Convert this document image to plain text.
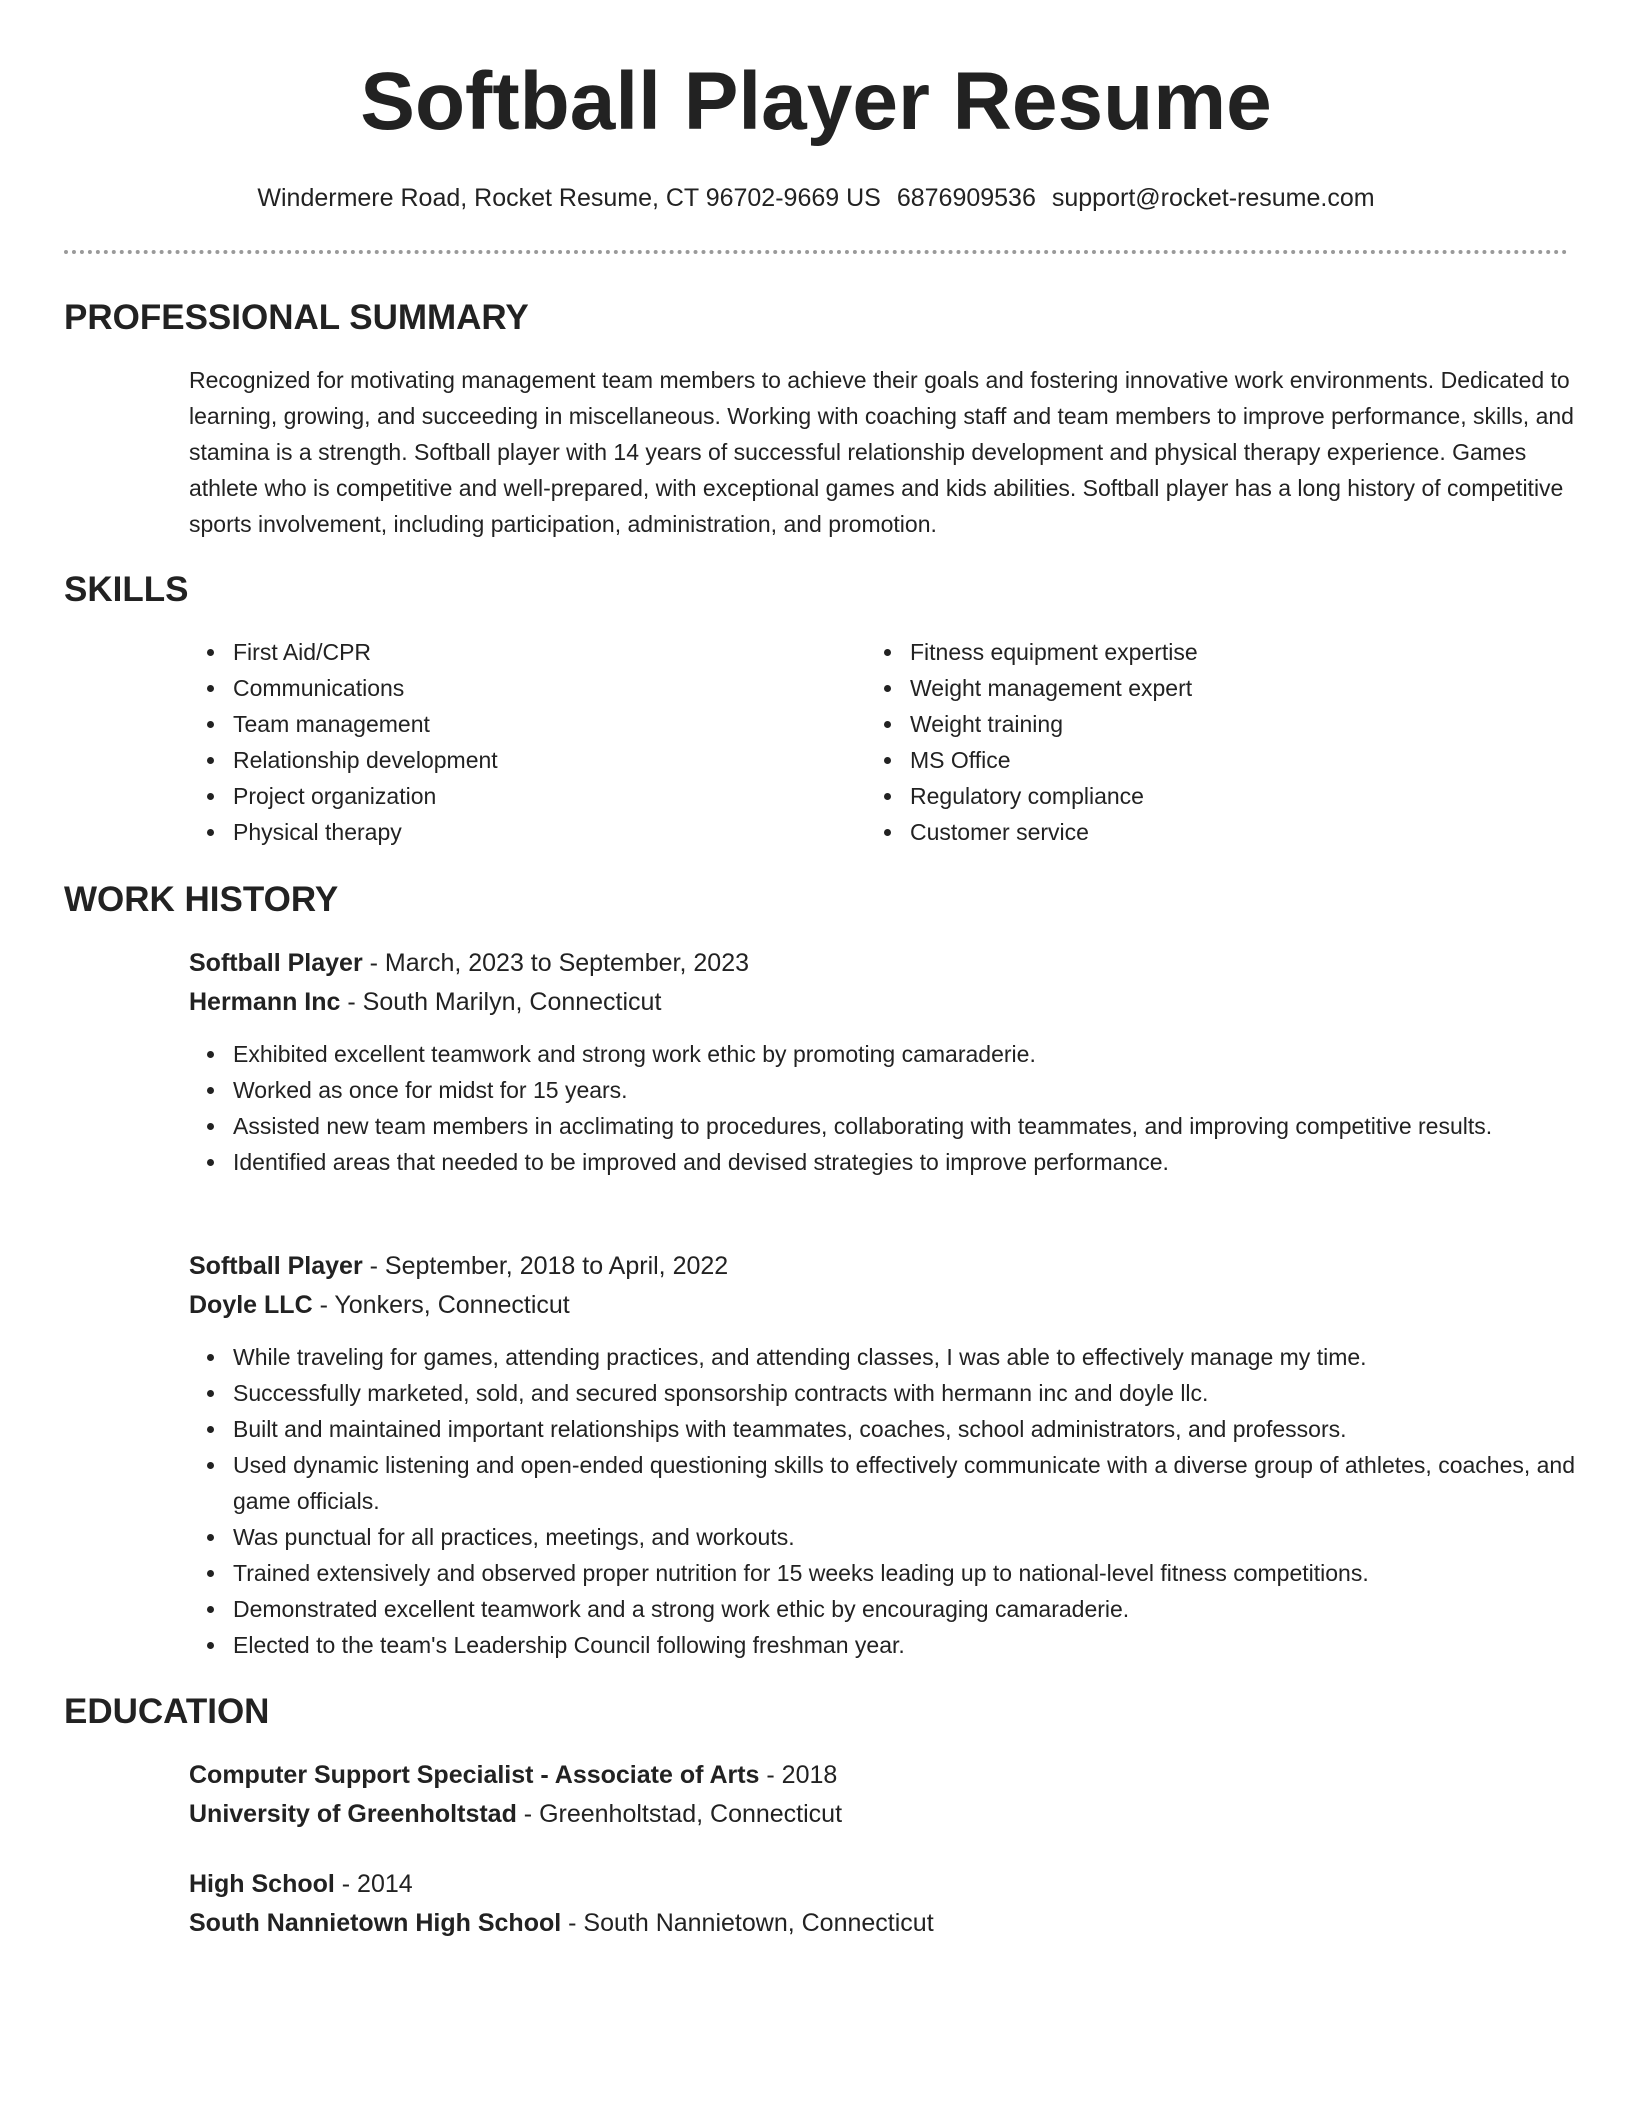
Softball Player Resume
Windermere Road, Rocket Resume, CT 96702-9669 US 6876909536 support@rocket-resume.com
PROFESSIONAL SUMMARY

Recognized for motivating management team members to achieve their goals and fostering innovative work environments. Dedicated to learning, growing, and succeeding in miscellaneous. Working with coaching staff and team members to improve performance, skills, and stamina is a strength. Softball player with 14 years of successful relationship development and physical therapy experience. Games athlete who is competitive and well-prepared, with exceptional games and kids abilities. Softball player has a long history of competitive sports involvement, including participation, administration, and promotion.

SKILLS
First Aid/CPR
Communications
Team management
Relationship development
Project organization
Physical therapy
Fitness equipment expertise
Weight management expert
Weight training
MS Office
Regulatory compliance
Customer service
WORK HISTORY
Softball Player - March, 2023 to September, 2023
Hermann Inc - South Marilyn, Connecticut
Exhibited excellent teamwork and strong work ethic by promoting camaraderie.
Worked as once for midst for 15 years.
Assisted new team members in acclimating to procedures, collaborating with teammates, and improving competitive results.
Identified areas that needed to be improved and devised strategies to improve performance.
Softball Player - September, 2018 to April, 2022
Doyle LLC - Yonkers, Connecticut
While traveling for games, attending practices, and attending classes, I was able to effectively manage my time.
Successfully marketed, sold, and secured sponsorship contracts with hermann inc and doyle llc.
Built and maintained important relationships with teammates, coaches, school administrators, and professors.
Used dynamic listening and open-ended questioning skills to effectively communicate with a diverse group of athletes, coaches, and game officials.
Was punctual for all practices, meetings, and workouts.
Trained extensively and observed proper nutrition for 15 weeks leading up to national-level fitness competitions.
Demonstrated excellent teamwork and a strong work ethic by encouraging camaraderie.
Elected to the team's Leadership Council following freshman year.
EDUCATION
Computer Support Specialist - Associate of Arts - 2018
University of Greenholtstad - Greenholtstad, Connecticut
High School - 2014
South Nannietown High School - South Nannietown, Connecticut
